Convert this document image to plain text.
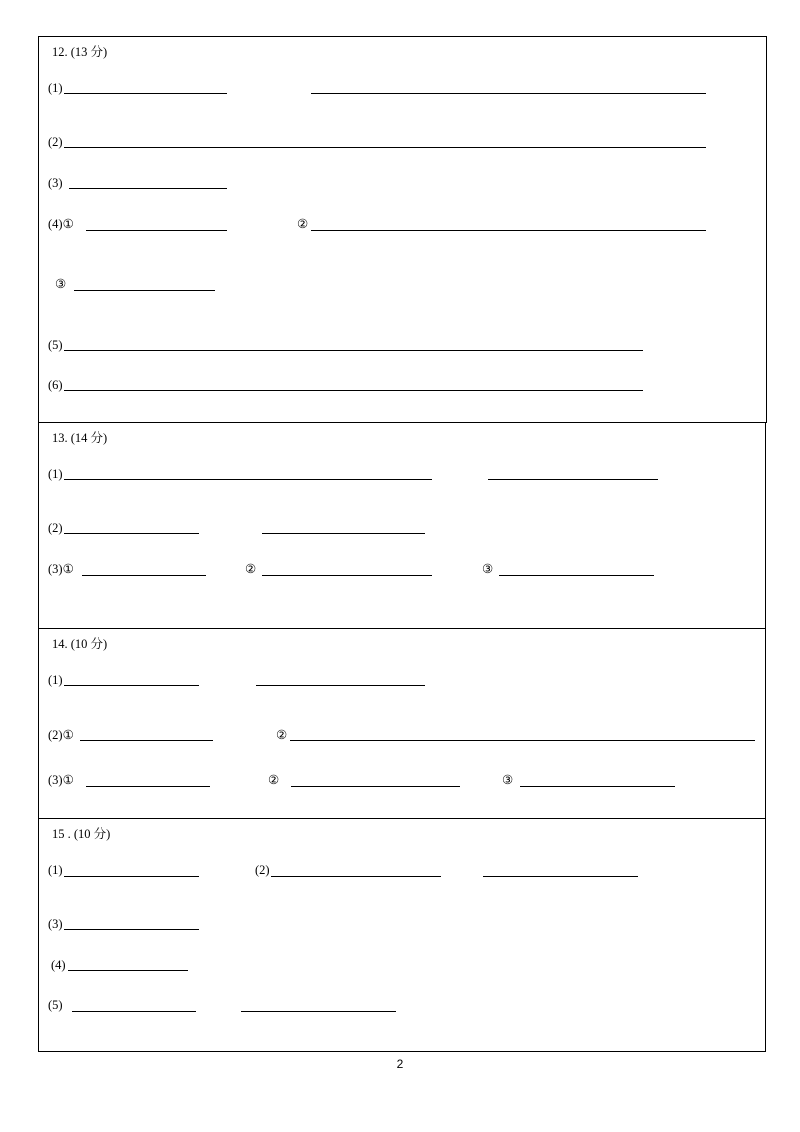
12. (13 分)
(1)
(2)
(3)
(4)①	②
③
(5)
(6)
13. (14 分)
(1)
(2)
(3)①	②	③
14. (10 分)
(1)
(2)①	②
(3)①	②	③
15 . (10 分)
(1)	(2)
(3)
(4)
(5)
2
